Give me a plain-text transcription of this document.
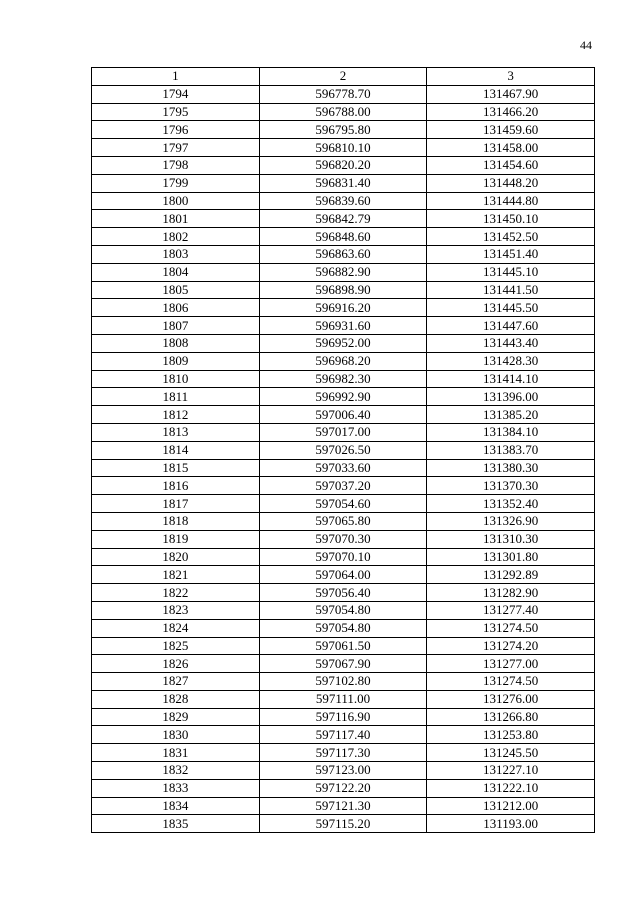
44
1	2	3
1794	596778.70	131467.90
1795	596788.00	131466.20
1796	596795.80	131459.60
1797	596810.10	131458.00
1798	596820.20	131454.60
1799	596831.40	131448.20
1800	596839.60	131444.80
1801	596842.79	131450.10
1802	596848.60	131452.50
1803	596863.60	131451.40
1804	596882.90	131445.10
1805	596898.90	131441.50
1806	596916.20	131445.50
1807	596931.60	131447.60
1808	596952.00	131443.40
1809	596968.20	131428.30
1810	596982.30	131414.10
1811	596992.90	131396.00
1812	597006.40	131385.20
1813	597017.00	131384.10
1814	597026.50	131383.70
1815	597033.60	131380.30
1816	597037.20	131370.30
1817	597054.60	131352.40
1818	597065.80	131326.90
1819	597070.30	131310.30
1820	597070.10	131301.80
1821	597064.00	131292.89
1822	597056.40	131282.90
1823	597054.80	131277.40
1824	597054.80	131274.50
1825	597061.50	131274.20
1826	597067.90	131277.00
1827	597102.80	131274.50
1828	597111.00	131276.00
1829	597116.90	131266.80
1830	597117.40	131253.80
1831	597117.30	131245.50
1832	597123.00	131227.10
1833	597122.20	131222.10
1834	597121.30	131212.00
1835	597115.20	131193.00
